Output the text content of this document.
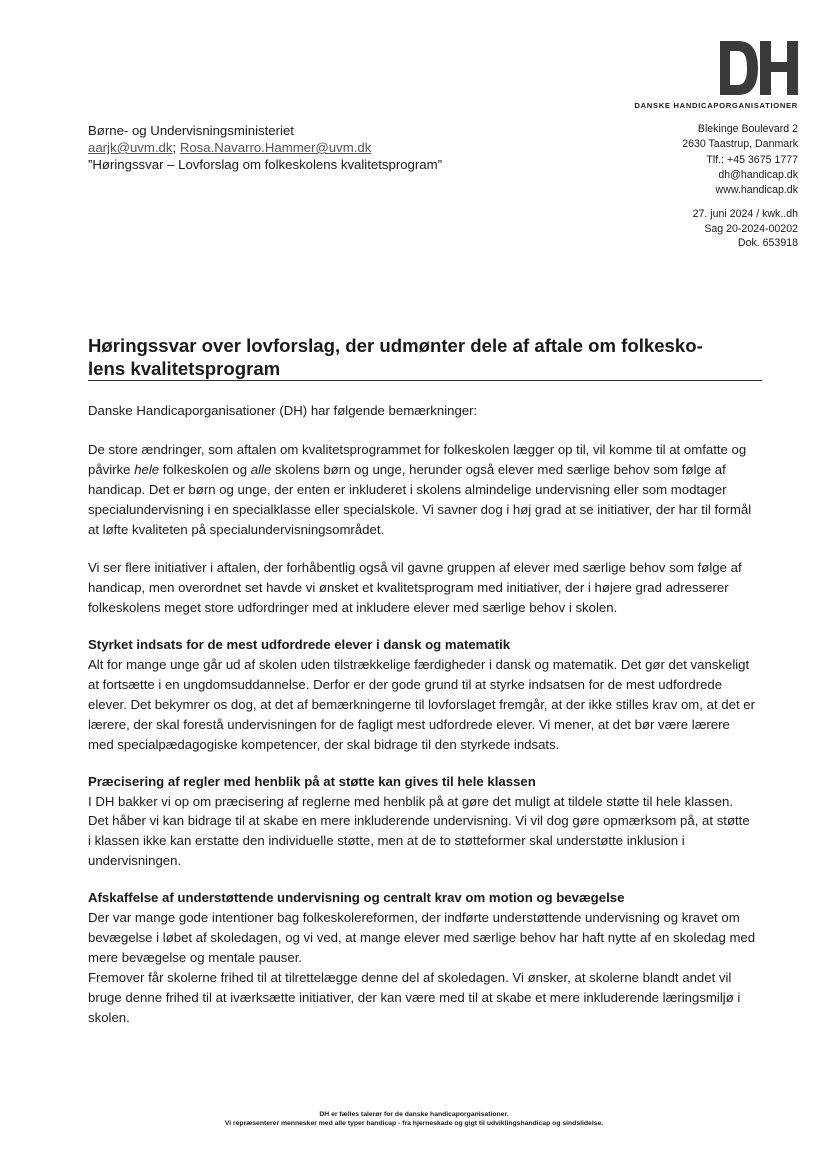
DANSKE HANDICAPORGANISATIONER
Børne- og Undervisningsministeriet
aarjk@uvm.dk; Rosa.Navarro.Hammer@uvm.dk
”Høringssvar – Lovforslag om folkeskolens kvalitetsprogram”
Blekinge Boulevard 2
2630 Taastrup, Danmark
Tlf.: +45 3675 1777
dh@handicap.dk
www.handicap.dk
27. juni 2024 / kwk..dh
Sag 20-2024-00202
Dok. 653918
Høringssvar over lovforslag, der udmønter dele af aftale om folkesko-
lens kvalitetsprogram

Danske Handicaporganisationer (DH) har følgende bemærkninger:

De store ændringer, som aftalen om kvalitetsprogrammet for folkeskolen lægger op til, vil komme til at omfatte og påvirke hele folkeskolen og alle skolens børn og unge, herunder også elever med særlige behov som følge af handicap. Det er børn og unge, der enten er inkluderet i skolens almindelige undervisning eller som modtager specialundervisning i en specialklasse eller specialskole. Vi savner dog i høj grad at se initiativer, der har til formål at løfte kvaliteten på specialundervisningsområdet.

Vi ser flere initiativer i aftalen, der forhåbentlig også vil gavne gruppen af elever med særlige behov som følge af handicap, men overordnet set havde vi ønsket et kvalitetsprogram med initiativer, der i højere grad adresserer folkeskolens meget store udfordringer med at inkludere elever med særlige behov i skolen.

Styrket indsats for de mest udfordrede elever i dansk og matematik

Alt for mange unge går ud af skolen uden tilstrækkelige færdigheder i dansk og matematik. Det gør det vanskeligt at fortsætte i en ungdomsuddannelse. Derfor er der gode grund til at styrke indsatsen for de mest udfordrede elever. Det bekymrer os dog, at det af bemærkningerne til lovforslaget fremgår, at der ikke stilles krav om, at det er lærere, der skal forestå undervisningen for de fagligt mest udfordrede elever. Vi mener, at det bør være lærere med specialpædagogiske kompetencer, der skal bidrage til den styrkede indsats.

Præcisering af regler med henblik på at støtte kan gives til hele klassen

I DH bakker vi op om præcisering af reglerne med henblik på at gøre det muligt at tildele støtte til hele klassen. Det håber vi kan bidrage til at skabe en mere inkluderende undervisning. Vi vil dog gøre opmærksom på, at støtte i klassen ikke kan erstatte den individuelle støtte, men at de to støtteformer skal understøtte inklusion i undervisningen.

Afskaffelse af understøttende undervisning og centralt krav om motion og bevægelse

Der var mange gode intentioner bag folkeskolereformen, der indførte understøttende undervisning og kravet om bevægelse i løbet af skoledagen, og vi ved, at mange elever med særlige behov har haft nytte af en skoledag med mere bevægelse og mentale pauser.

Fremover får skolerne frihed til at tilrettelægge denne del af skoledagen. Vi ønsker, at skolerne blandt andet vil bruge denne frihed til at iværksætte initiativer, der kan være med til at skabe et mere inkluderende læringsmiljø i skolen.

DH er fælles talerør for de danske handicaporganisationer.
Vi repræsenterer mennesker med alle typer handicap - fra hjerneskade og gigt til udviklingshandicap og sindslidelse.
